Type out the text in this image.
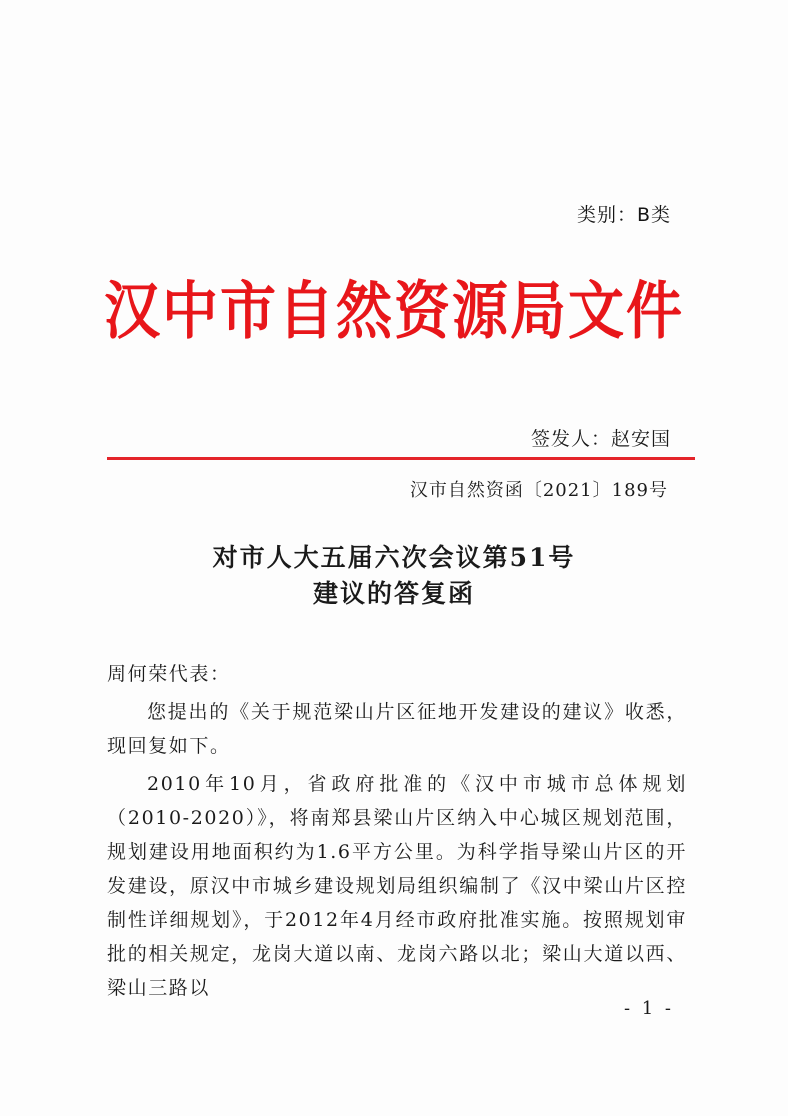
类别：B类
汉中市自然资源局文件
签发人：赵安国
汉市自然资函〔2021〕189号
对市人大五届六次会议第51号
建议的答复函
周何荣代表：
您提出的《关于规范梁山片区征地开发建设的建议》收悉，现回复如下。
2010年10月，省政府批准的《汉中市城市总体规划（2010-2020）》，将南郑县梁山片区纳入中心城区规划范围，规划建设用地面积约为1.6平方公里。为科学指导梁山片区的开发建设，原汉中市城乡建设规划局组织编制了《汉中梁山片区控制性详细规划》，于2012年4月经市政府批准实施。按照规划审批的相关规定，龙岗大道以南、龙岗六路以北；梁山大道以西、梁山三路以
- 1 -
